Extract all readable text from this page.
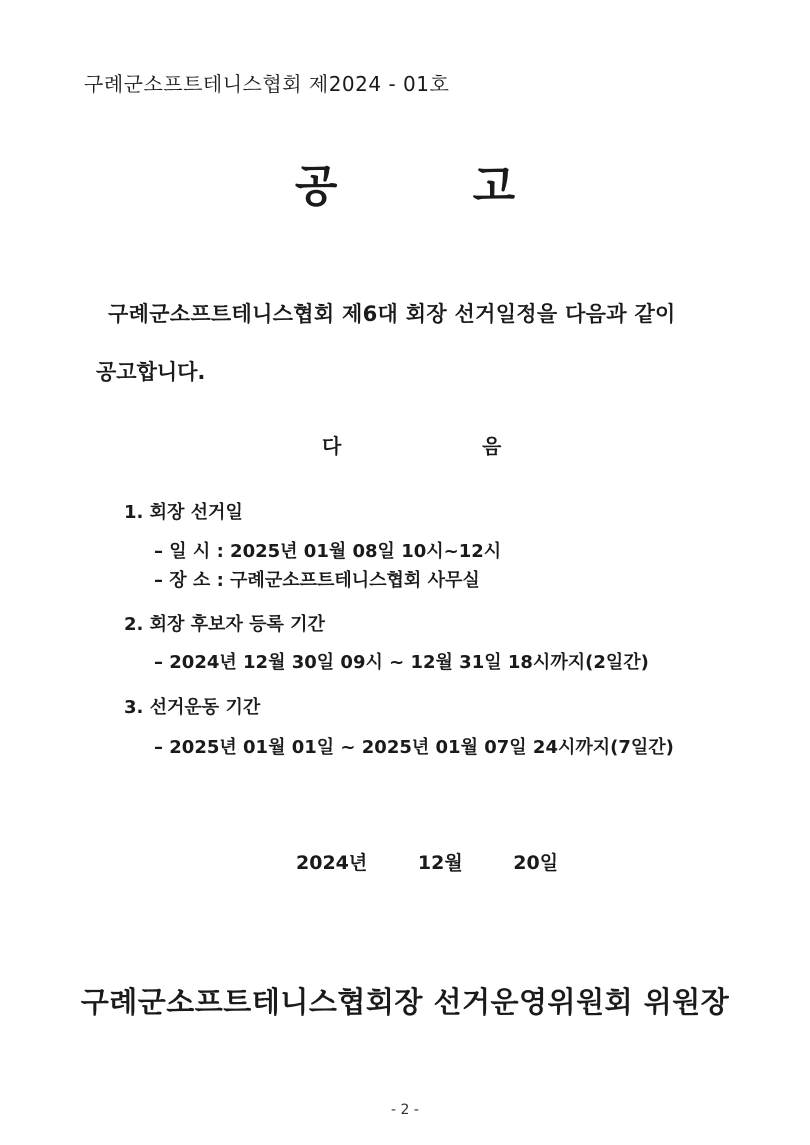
구례군소프트테니스협회 제2024 - 01호
공	고
구례군소프트테니스협회 제6대 회장 선거일정을 다음과 같이
공고합니다.
다	음
1. 회장 선거일
– 일 시 : 2025년 01월 08일 10시~12시
– 장 소 : 구례군소프트테니스협회 사무실
2. 회장 후보자 등록 기간
– 2024년 12월 30일 09시 ~ 12월 31일 18시까지(2일간)
3. 선거운동 기간
– 2025년 01월 01일 ~ 2025년 01월 07일 24시까지(7일간)
2024년	12월	20일
구례군소프트테니스협회장 선거운영위원회 위원장
- 2 -
